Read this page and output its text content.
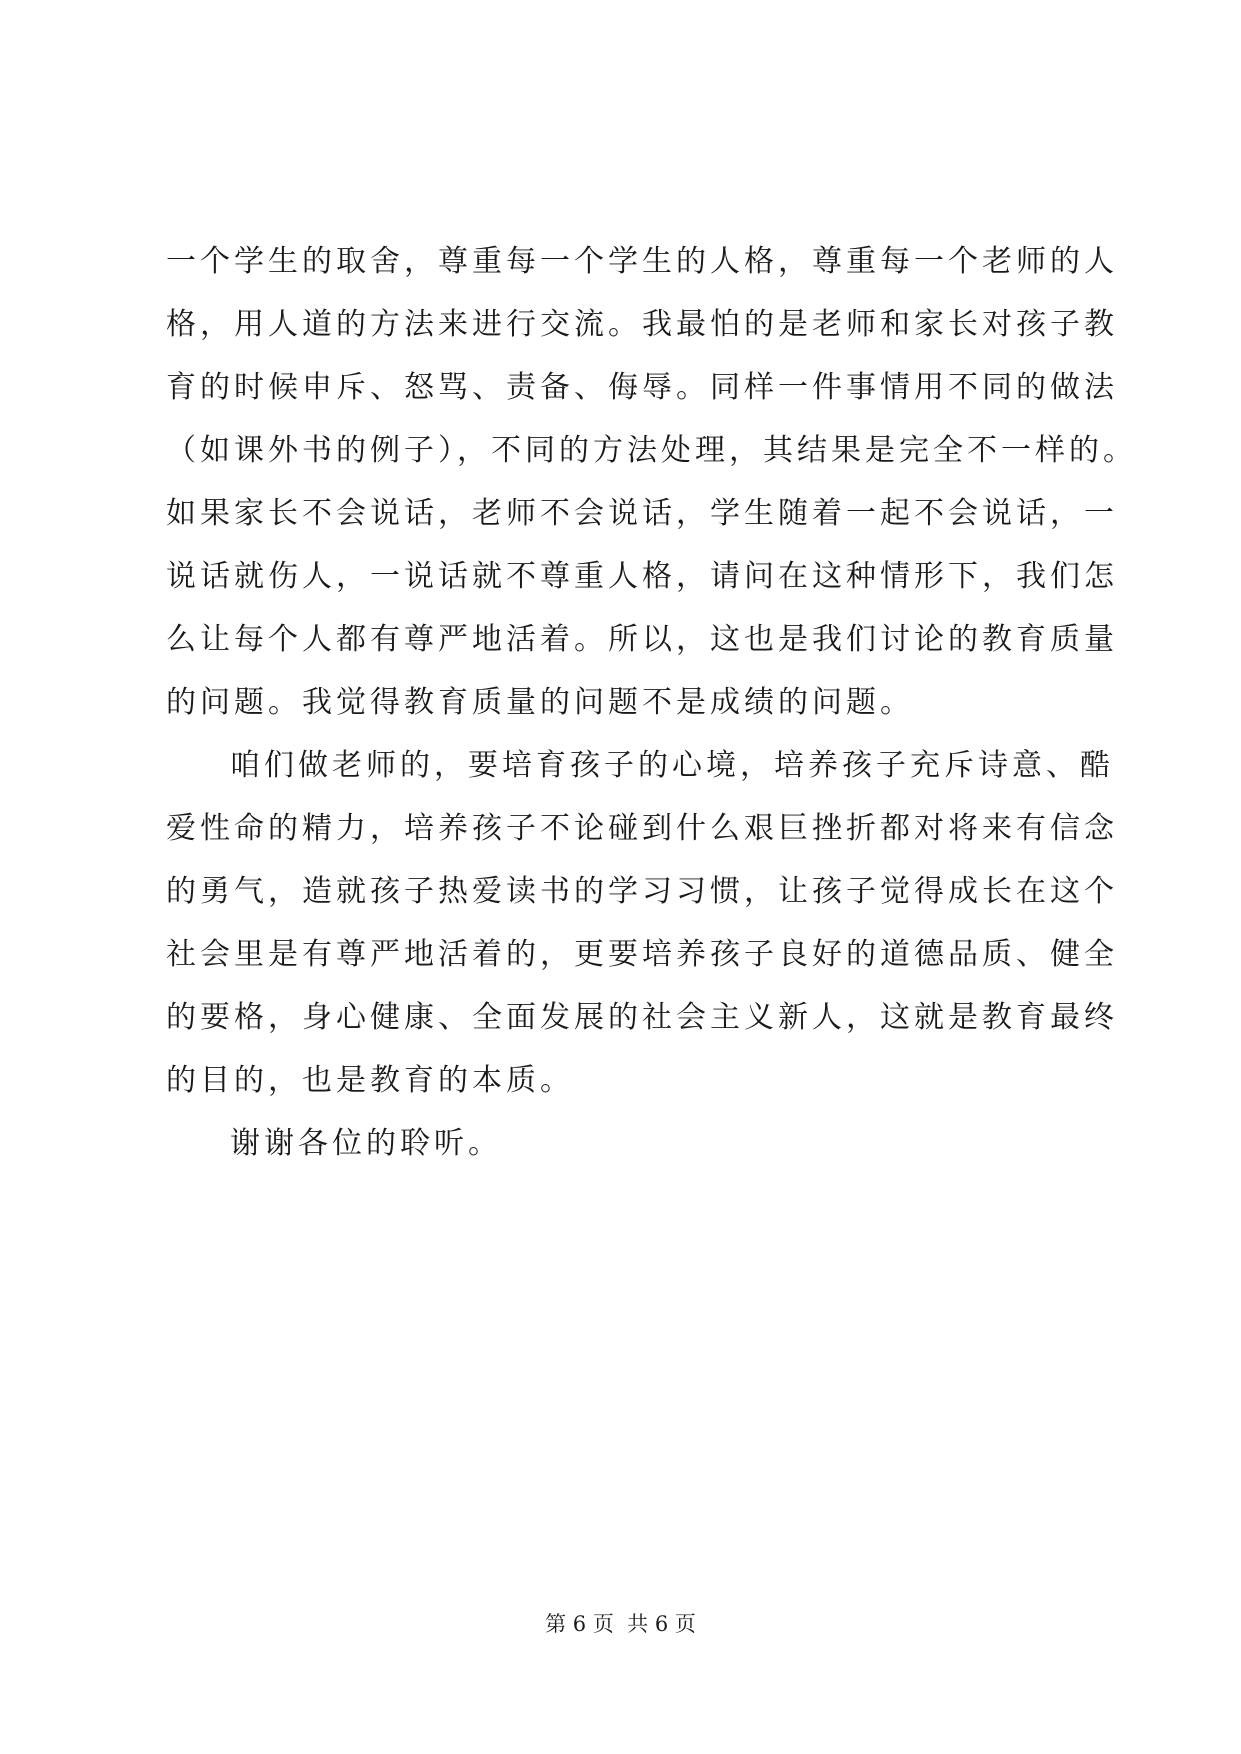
一个学生的取舍，尊重每一个学生的人格，尊重每一个老师的人
格，用人道的方法来进行交流。我最怕的是老师和家长对孩子教
育的时候申斥、怒骂、责备、侮辱。同样一件事情用不同的做法
（如课外书的例子），不同的方法处理，其结果是完全不一样的。
如果家长不会说话，老师不会说话，学生随着一起不会说话，一
说话就伤人，一说话就不尊重人格，请问在这种情形下，我们怎
么让每个人都有尊严地活着。所以，这也是我们讨论的教育质量
的问题。我觉得教育质量的问题不是成绩的问题。
咱们做老师的，要培育孩子的心境，培养孩子充斥诗意、酷
爱性命的精力，培养孩子不论碰到什么艰巨挫折都对将来有信念
的勇气，造就孩子热爱读书的学习习惯，让孩子觉得成长在这个
社会里是有尊严地活着的，更要培养孩子良好的道德品质、健全
的要格，身心健康、全面发展的社会主义新人，这就是教育最终
的目的，也是教育的本质。
谢谢各位的聆听。
第 6 页  共 6 页
